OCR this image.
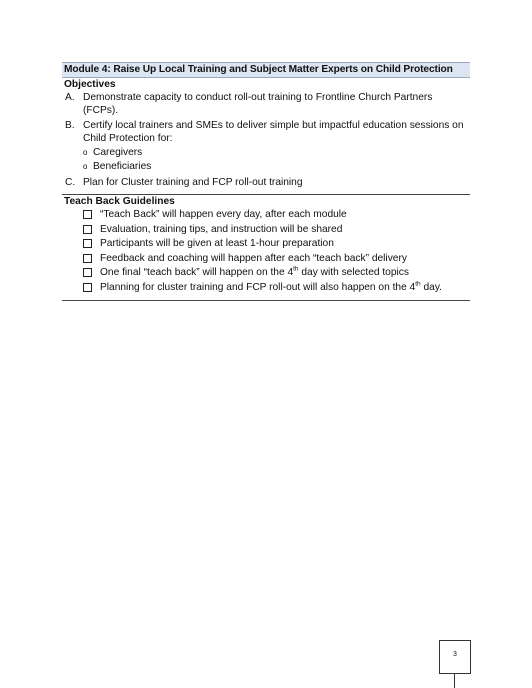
Module 4: Raise Up Local Training and Subject Matter Experts on Child Protection
Objectives
A. Demonstrate capacity to conduct roll-out training to Frontline Church Partners (FCPs).
B. Certify local trainers and SMEs to deliver simple but impactful education sessions on Child Protection for:
o Caregivers
o Beneficiaries
C. Plan for Cluster training and FCP roll-out training
Teach Back Guidelines
“Teach Back” will happen every day, after each module
Evaluation, training tips, and instruction will be shared
Participants will be given at least 1-hour preparation
Feedback and coaching will happen after each “teach back” delivery
One final “teach back” will happen on the 4th day with selected topics
Planning for cluster training and FCP roll-out will also happen on the 4th day.
3
